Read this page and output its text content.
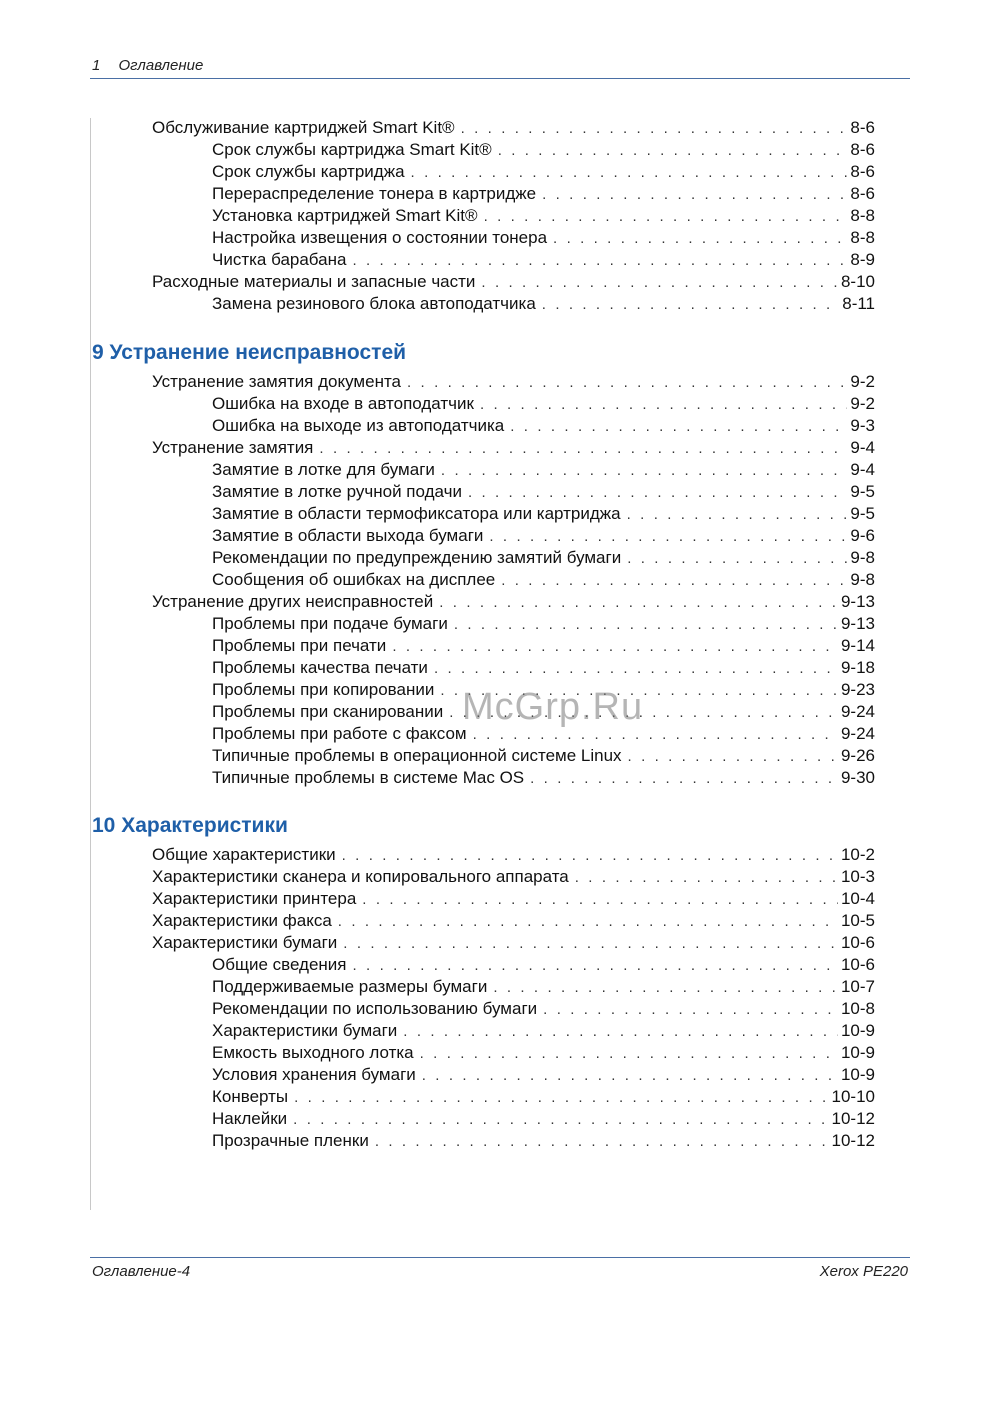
1 Оглавление
Обслуживание картриджей Smart Kit® . . .	8-6
Срок службы картриджа Smart Kit® . . .	8-6
Срок службы картриджа . . .	8-6
Перераспределение тонера в картридже . . .	8-6
Установка картриджей Smart Kit® . . .	8-8
Настройка извещения о состоянии тонера . . .	8-8
Чистка барабана . . .	8-9
Расходные материалы и запасные части . . .	8-10
Замена резинового блока автоподатчика . . .	8-11
9 Устранение неисправностей
Устранение замятия документа . . .	9-2
Ошибка на входе в автоподатчик . . .	9-2
Ошибка на выходе из автоподатчика . . .	9-3
Устранение замятия . . .	9-4
Замятие в лотке для бумаги . . .	9-4
Замятие в лотке ручной подачи . . .	9-5
Замятие в области термофиксатора или картриджа . . .	9-5
Замятие в области выхода бумаги . . .	9-6
Рекомендации по предупреждению замятий бумаги . . .	9-8
Сообщения об ошибках на дисплее . . .	9-8
Устранение других неисправностей . . .	9-13
Проблемы при подаче бумаги . . .	9-13
Проблемы при печати . . .	9-14
Проблемы качества печати . . .	9-18
Проблемы при копировании . . .	9-23
Проблемы при сканировании . . .	9-24
Проблемы при работе с факсом . . .	9-24
Типичные проблемы в операционной системе Linux . . .	9-26
Типичные проблемы в системе Mac OS . . .	9-30
10 Характеристики
Общие характеристики . . .	10-2
Характеристики сканера и копировального аппарата . . .	10-3
Характеристики принтера . . .	10-4
Характеристики факса . . .	10-5
Характеристики бумаги . . .	10-6
Общие сведения . . .	10-6
Поддерживаемые размеры бумаги . . .	10-7
Рекомендации по использованию бумаги . . .	10-8
Характеристики бумаги . . .	10-9
Емкость выходного лотка . . .	10-9
Условия хранения бумаги . . .	10-9
Конверты . . .	10-10
Наклейки . . .	10-12
Прозрачные пленки . . .	10-12
McGrp.Ru
Оглавление-4	Xerox PE220
